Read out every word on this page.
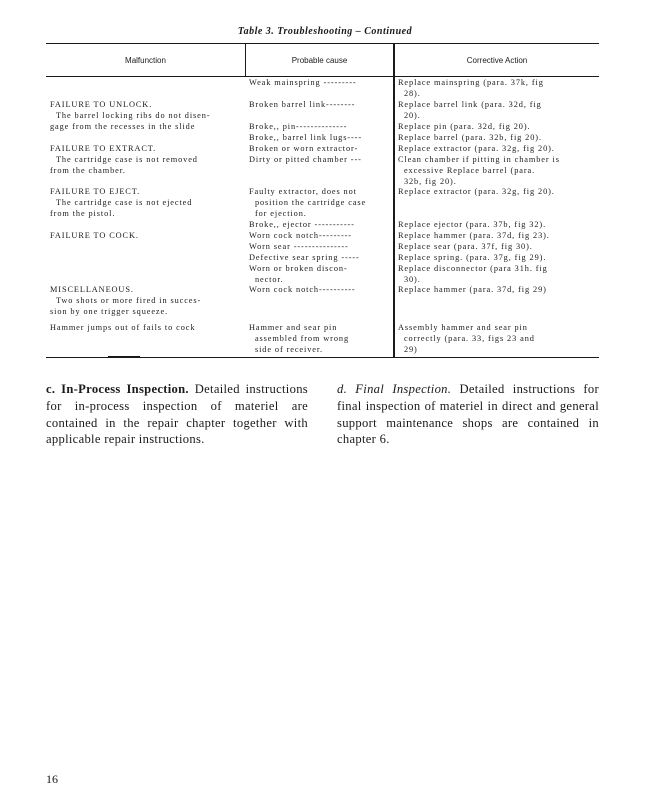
Table 3. Troubleshooting – Continued
Malfunction	Probable cause	Corrective Action
FAILURE TO UNLOCK.
The barrel locking ribs do not disen-
gage from the recesses in the slide
FAILURE TO EXTRACT.
The cartridge case is not removed
from the chamber.
FAILURE TO EJECT.
The cartridge case is not ejected
from the pistol.
FAILURE TO COCK.
MISCELLANEOUS.
Two shots or more fired in succes-
sion by one trigger squeeze.
Hammer jumps out of fails to cock
Weak mainspring ---------
Broken barrel link--------
Broke,, pin--------------
Broke,, barrel link lugs----
Broken or worn extractor-
Dirty or pitted chamber ---
Faulty extractor, does not
position the cartridge case
for ejection.
Broke,, ejector -----------
Worn cock notch---------
Worn sear ---------------
Defective sear spring -----
Worn or broken discon-
nector.
Worn cock notch----------
Hammer and sear pin
assembled from wrong
side of receiver.
Replace mainspring (para. 37k, fig
28).
Replace barrel link (para. 32d, fig
20).
Replace pin (para. 32d, fig 20).
Replace barrel (para. 32b, fig 20).
Replace extractor (para. 32g, fig 20).
Clean chamber if pitting in chamber is
excessive Replace barrel (para.
32b, fig 20).
Replace extractor (para. 32g, fig 20).
Replace ejector (para. 37b, fig 32).
Replace hammer (para. 37d, fig 23).
Replace sear (para. 37f, fig 30).
Replace spring. (para. 37g, fig 29).
Replace disconnector (para 31h. fig
30).
Replace hammer (para. 37d, fig 29)
Assembly hammer and sear pin
correctly (para. 33, figs 23 and
29)
c. In-Process Inspection. Detailed instructions for in-process inspection of materiel are contained in the repair chapter together with applicable repair instructions.
d. Final Inspection. Detailed instructions for final inspection of materiel in direct and general support maintenance shops are contained in chapter 6.
16
